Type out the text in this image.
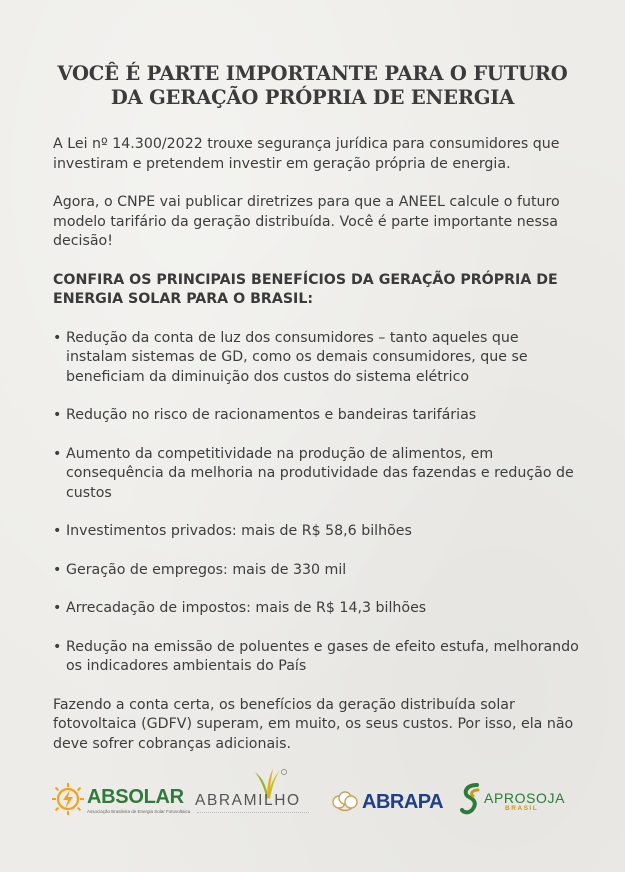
VOCÊ É PARTE IMPORTANTE PARA O FUTURO
DA GERAÇÃO PRÓPRIA DE ENERGIA

A Lei nº 14.300/2022 trouxe segurança jurídica para consumidores que investiram e pretendem investir em geração própria de energia.

Agora, o CNPE vai publicar diretrizes para que a ANEEL calcule o futuro modelo tarifário da geração distribuída. Você é parte importante nessa decisão!

CONFIRA OS PRINCIPAIS BENEFÍCIOS DA GERAÇÃO PRÓPRIA DE ENERGIA SOLAR PARA O BRASIL:

• Redução da conta de luz dos consumidores – tanto aqueles que instalam sistemas de GD, como os demais consumidores, que se beneficiam da diminuição dos custos do sistema elétrico
• Redução no risco de racionamentos e bandeiras tarifárias
• Aumento da competitividade na produção de alimentos, em consequência da melhoria na produtividade das fazendas e redução de custos
• Investimentos privados: mais de R$ 58,6 bilhões
• Geração de empregos: mais de 330 mil
• Arrecadação de impostos: mais de R$ 14,3 bilhões
• Redução na emissão de poluentes e gases de efeito estufa, melhorando os indicadores ambientais do País

Fazendo a conta certa, os benefícios da geração distribuída solar fotovoltaica (GDFV) superam, em muito, os seus custos. Por isso, ela não deve sofrer cobranças adicionais.

ABSOLAR
Associação Brasileira de Energia Solar Fotovoltaica
ABRAMILHO	ABRAPA	APROSOJA
BRASIL
